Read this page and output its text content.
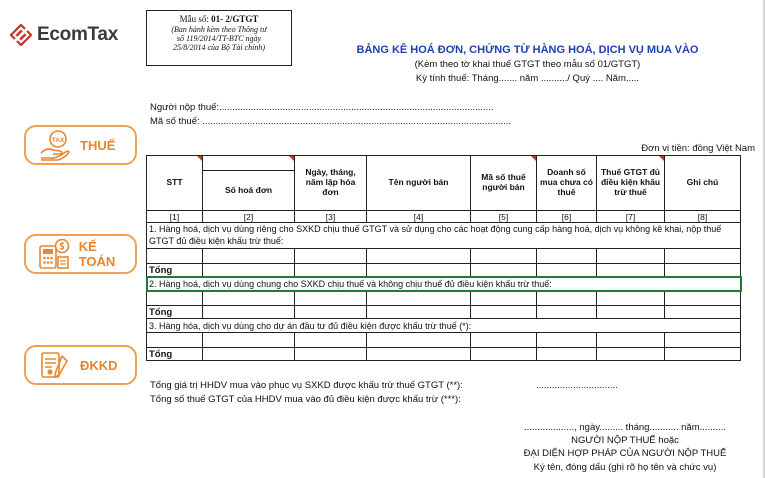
EcomTax
TAX THUẾ
KẾ TOÁN
ĐKKD
Mẫu số: 01- 2/GTGT
(Ban hành kèm theo Thông tư
số 119/2014/TT-BTC ngày
25/8/2014 của Bộ Tài chính)	BẢNG KÊ HOÁ ĐƠN, CHỨNG TỪ HÀNG HOÁ, DỊCH VỤ MUA VÀO
(Kèm theo tờ khai thuế GTGT theo mẫu số 01/GTGT)
Kỳ tính thuế: Tháng....... năm ........../ Quý .... Năm.....
Người nộp thuế:........................................................................................................
Mã số thuế: .....................................................................................................................
Đơn vị tiền: đồng Việt Nam
STT		Ngày, tháng, năm lập hóa đơn	Tên người bán	Mã số thuế người bán	Doanh số mua chưa có thuế	Thuế GTGT đủ điều kiện khấu trừ thuế	Ghi chú
	Số hoá đơn						
[1]	[2]	[3]	[4]	[5]	[6]	[7]	[8]
1. Hàng hoá, dịch vụ dùng riêng cho SXKD chịu thuế GTGT và sử dụng cho các hoạt động cung cấp hàng hoá, dịch vụ không kê khai, nộp thuế GTGT đủ điều kiện khấu trừ thuế:							

Tổng							
2. Hàng hoá, dịch vụ dùng chung cho SXKD chịu thuế và không chịu thuế đủ điều kiện khấu trừ thuế:							

Tổng							
3. Hàng hóa, dịch vụ dùng cho dự án đầu tư đủ điều kiện được khấu trừ thuế (*):							

Tổng							
Tổng giá trị HHDV mua vào phục vụ SXKD được khấu trừ thuế GTGT (**):	...............................
Tổng số thuế GTGT của HHDV mua vào đủ điều kiện được khấu trừ (***):
..................., ngày......... tháng........... năm..........
NGƯỜI NỘP THUẾ hoặc
ĐẠI DIỆN HỢP PHÁP CỦA NGƯỜI NỘP THUẾ
Ký tên, đóng dấu (ghi rõ họ tên và chức vụ)
